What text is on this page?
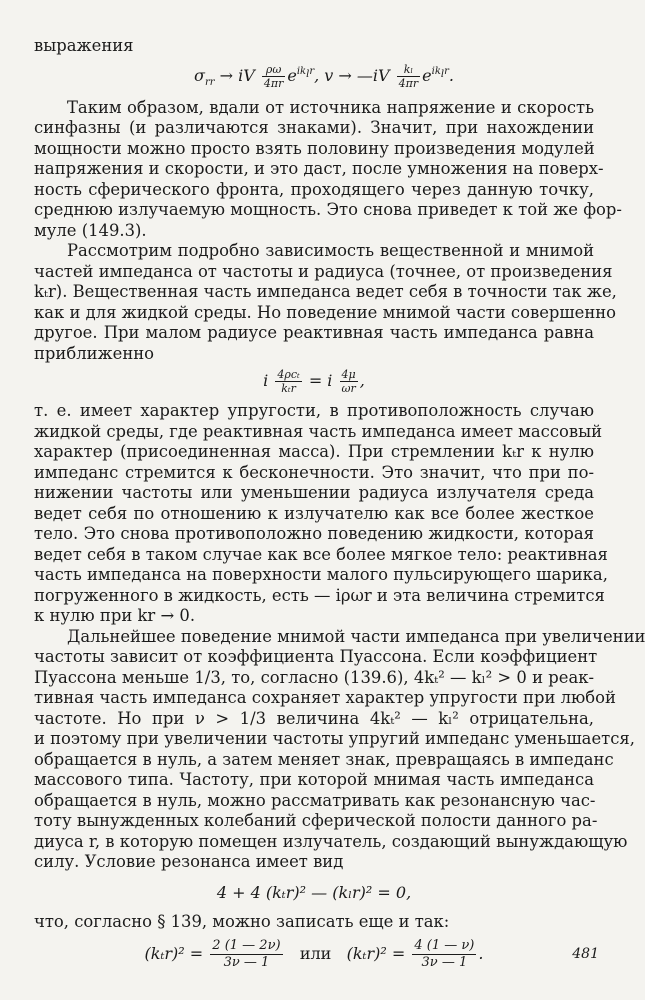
выражения
$\sigma_{rr}$ → iV $\frac{\rho\omega}{4\pi r} e^{ik_lr}$, v → —iV $\frac{\text{kₗ}}{4\pi r} e^{ik_lr}$.
Таким образом, вдали от источника напряжение и скорость
синфазны (и различаются знаками). Значит, при нахождении
мощности можно просто взять половину произведения модулей
напряжения и скорости, и это даст, после умножения на поверх-
ность сферического фронта, проходящего через данную точку,
среднюю излучаемую мощность. Это снова приведет к той же фор-
муле (149.3).
Рассмотрим подробно зависимость вещественной и мнимой
частей импеданса от частоты и радиуса (точнее, от произведения
kₜr). Вещественная часть импеданса ведет себя в точности так же,
как и для жидкой среды. Но поведение мнимой части совершенно
другое. При малом радиусе реактивная часть импеданса равна
приближенно
i $\frac{\text{4ρcₜ}}{\text{kₜr}} = i \frac{4\mu}{\omega r}$ ,
т. е. имеет характер упругости, в противоположность случаю
жидкой среды, где реактивная часть импеданса имеет массовый
характер (присоединенная масса). При стремлении kₜr к нулю
импеданс стремится к бесконечности. Это значит, что при по-
нижении частоты или уменьшении радиуса излучателя среда
ведет себя по отношению к излучателю как все более жесткое
тело. Это снова противоположно поведению жидкости, которая
ведет себя в таком случае как все более мягкое тело: реактивная
часть импеданса на поверхности малого пульсирующего шарика,
погруженного в жидкость, есть — iρωr и эта величина стремится
к нулю при kr → 0.
Дальнейшее поведение мнимой части импеданса при увеличении
частоты зависит от коэффициента Пуассона. Если коэффициент
Пуассона меньше 1/3, то, согласно (139.6), 4kₜ² — kₗ² > 0 и реак-
тивная часть импеданса сохраняет характер упругости при любой
частоте. Но при ν > 1/3 величина 4kₜ² — kₗ² отрицательна,
и поэтому при увеличении частоты упругий импеданс уменьшается,
обращается в нуль, а затем меняет знак, превращаясь в импеданс
массового типа. Частоту, при которой мнимая часть импеданса
обращается в нуль, можно рассматривать как резонансную час-
тоту вынужденных колебаний сферической полости данного ра-
диуса r, в которую помещен излучатель, создающий вынуждающую
силу. Условие резонанса имеет вид
4 + 4 (kₜr)² — (kₗr)² = 0,
что, согласно § 139, можно записать еще и так:
$(k_tr)^2 = \frac{2 (1 — 2\nu)}{3\nu — 1}$ или $(k_tr)^2 = \frac{4 (1 — \nu)}{3\nu — 1}$ .	481
